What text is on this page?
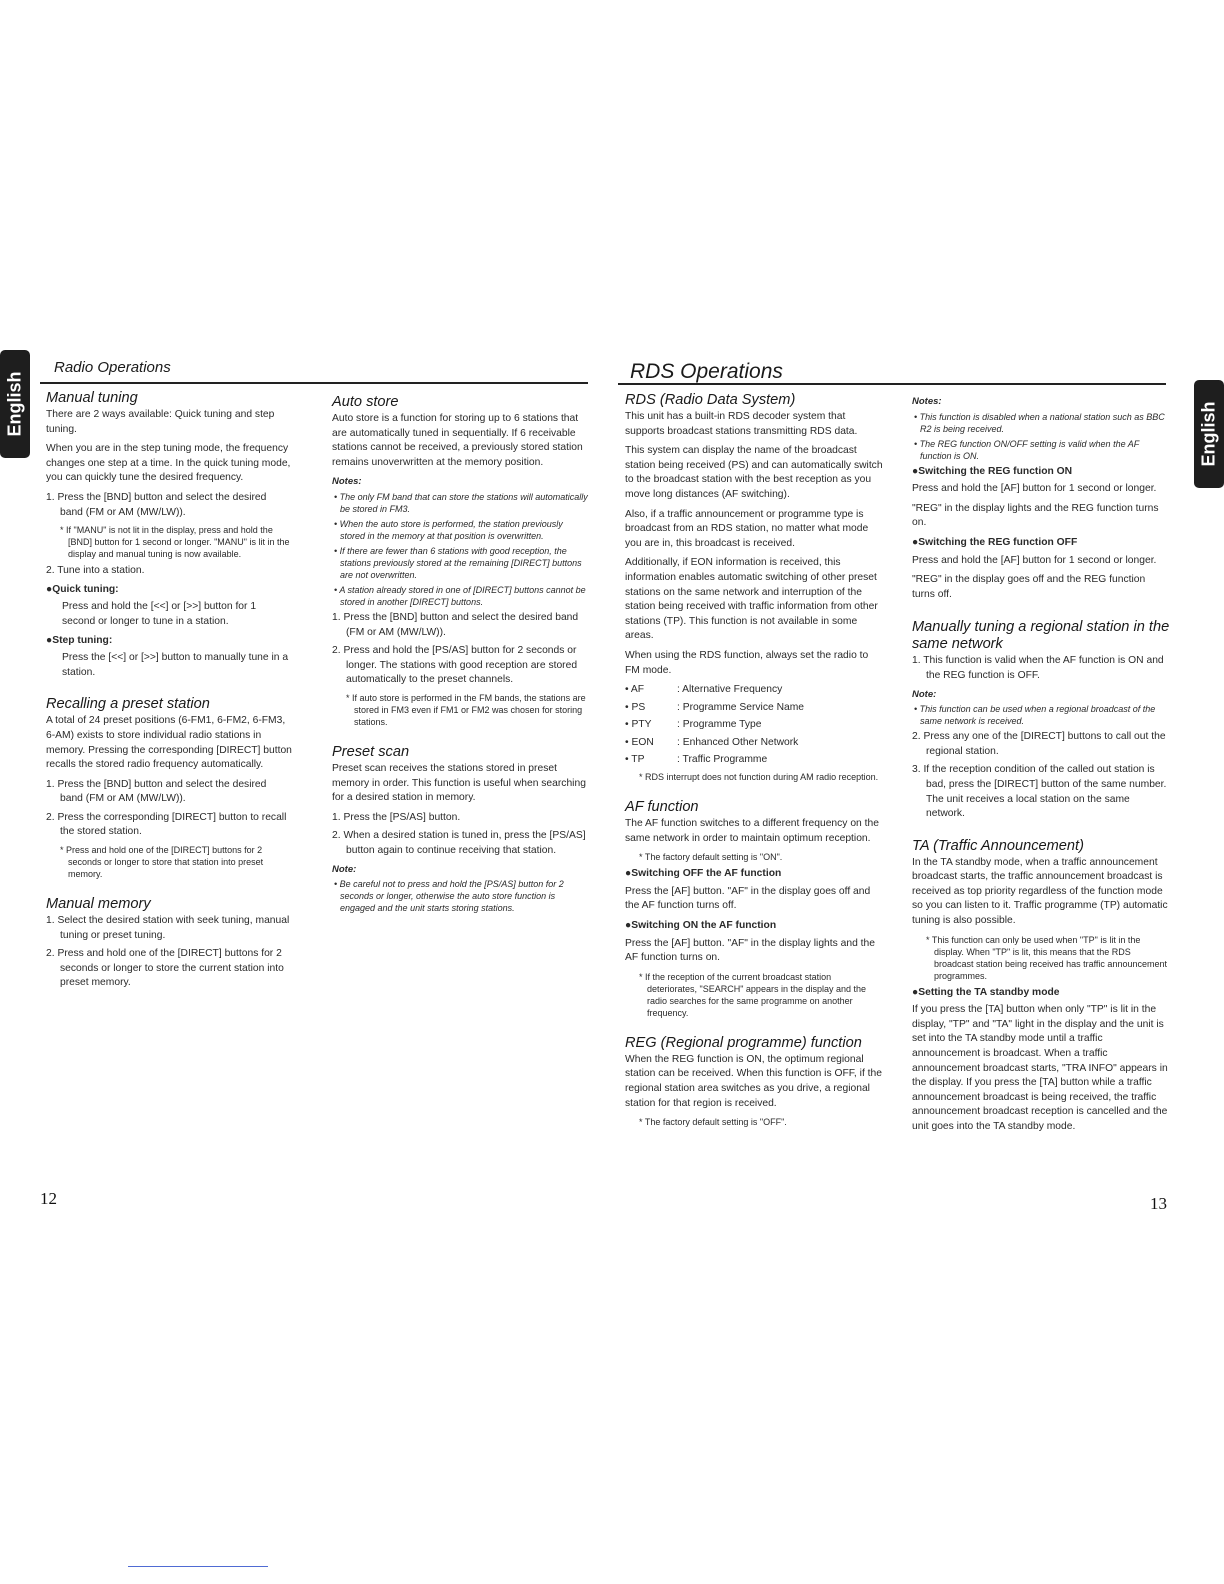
English	English
Radio Operations	RDS Operations
Manual tuning

There are 2 ways available: Quick tuning and step tuning.

When you are in the step tuning mode, the frequency changes one step at a time. In the quick tuning mode, you can quickly tune the desired frequency.

1. Press the [BND] button and select the desired band (FM or AM (MW/LW)).

* If "MANU" is not lit in the display, press and hold the [BND] button for 1 second or longer. "MANU" is lit in the display and manual tuning is now available.

2. Tune into a station.

●Quick tuning:

Press and hold the [<<] or [>>] button for 1 second or longer to tune in a station.

●Step tuning:

Press the [<<] or [>>] button to manually tune in a station.

Recalling a preset station

A total of 24 preset positions (6-FM1, 6-FM2, 6-FM3, 6-AM) exists to store individual radio stations in memory. Pressing the corresponding [DIRECT] button recalls the stored radio frequency automatically.

1. Press the [BND] button and select the desired band (FM or AM (MW/LW)).

2. Press the corresponding [DIRECT] button to recall the stored station.

* Press and hold one of the [DIRECT] buttons for 2 seconds or longer to store that station into preset memory.

Manual memory

1. Select the desired station with seek tuning, manual tuning or preset tuning.

2. Press and hold one of the [DIRECT] buttons for 2 seconds or longer to store the current station into preset memory.

Auto store

Auto store is a function for storing up to 6 stations that are automatically tuned in sequentially. If 6 receivable stations cannot be received, a previously stored station remains unoverwritten at the memory position.

Notes:

• The only FM band that can store the stations will automatically be stored in FM3.

• When the auto store is performed, the station previously stored in the memory at that position is overwritten.

• If there are fewer than 6 stations with good reception, the stations previously stored at the remaining [DIRECT] buttons are not overwritten.

• A station already stored in one of [DIRECT] buttons cannot be stored in another [DIRECT] buttons.

1. Press the [BND] button and select the desired band (FM or AM (MW/LW)).

2. Press and hold the [PS/AS] button for 2 seconds or longer. The stations with good reception are stored automatically to the preset channels.

* If auto store is performed in the FM bands, the stations are stored in FM3 even if FM1 or FM2 was chosen for storing stations.

Preset scan

Preset scan receives the stations stored in preset memory in order. This function is useful when searching for a desired station in memory.

1. Press the [PS/AS] button.

2. When a desired station is tuned in, press the [PS/AS] button again to continue receiving that station.

Note:

• Be careful not to press and hold the [PS/AS] button for 2 seconds or longer, otherwise the auto store function is engaged and the unit starts storing stations.

RDS (Radio Data System)

This unit has a built-in RDS decoder system that supports broadcast stations transmitting RDS data.

This system can display the name of the broadcast station being received (PS) and can automatically switch to the broadcast station with the best reception as you move long distances (AF switching).

Also, if a traffic announcement or programme type is broadcast from an RDS station, no matter what mode you are in, this broadcast is received.

Additionally, if EON information is received, this information enables automatic switching of other preset stations on the same network and interruption of the station being received with traffic information from other stations (TP). This function is not available in some areas.

When using the RDS function, always set the radio to FM mode.

• AF	: Alternative Frequency

• PS	: Programme Service Name

• PTY : Programme Type

• EON : Enhanced Other Network

• TP	: Traffic Programme

* RDS interrupt does not function during AM radio reception.

AF function

The AF function switches to a different frequency on the same network in order to maintain optimum reception.

* The factory default setting is "ON".

●Switching OFF the AF function

Press the [AF] button. "AF" in the display goes off and the AF function turns off.

●Switching ON the AF function

Press the [AF] button. "AF" in the display lights and the AF function turns on.

* If the reception of the current broadcast station deteriorates, "SEARCH" appears in the display and the radio searches for the same programme on another frequency.

REG (Regional programme) function

When the REG function is ON, the optimum regional station can be received. When this function is OFF, if the regional station area switches as you drive, a regional station for that region is received.

* The factory default setting is "OFF".

Notes:

• This function is disabled when a national station such as BBC R2 is being received.

• The REG function ON/OFF setting is valid when the AF function is ON.

●Switching the REG function ON

Press and hold the [AF] button for 1 second or longer.

"REG" in the display lights and the REG function turns on.

●Switching the REG function OFF

Press and hold the [AF] button for 1 second or longer.

"REG" in the display goes off and the REG function turns off.

Manually tuning a regional station in the same network

1. This function is valid when the AF function is ON and the REG function is OFF.

Note:

• This function can be used when a regional broadcast of the same network is received.

2. Press any one of the [DIRECT] buttons to call out the regional station.

3. If the reception condition of the called out station is bad, press the [DIRECT] button of the same number. The unit receives a local station on the same network.

TA (Traffic Announcement)

In the TA standby mode, when a traffic announcement broadcast starts, the traffic announcement broadcast is received as top priority regardless of the function mode so you can listen to it. Traffic programme (TP) automatic tuning is also possible.

* This function can only be used when "TP" is lit in the display. When "TP" is lit, this means that the RDS broadcast station being received has traffic announcement programmes.

●Setting the TA standby mode

If you press the [TA] button when only "TP" is lit in the display, "TP" and "TA" light in the display and the unit is set into the TA standby mode until a traffic announcement is broadcast. When a traffic announcement broadcast starts, "TRA INFO" appears in the display. If you press the [TA] button while a traffic announcement broadcast is being received, the traffic announcement broadcast reception is cancelled and the unit goes into the TA standby mode.

12	13
